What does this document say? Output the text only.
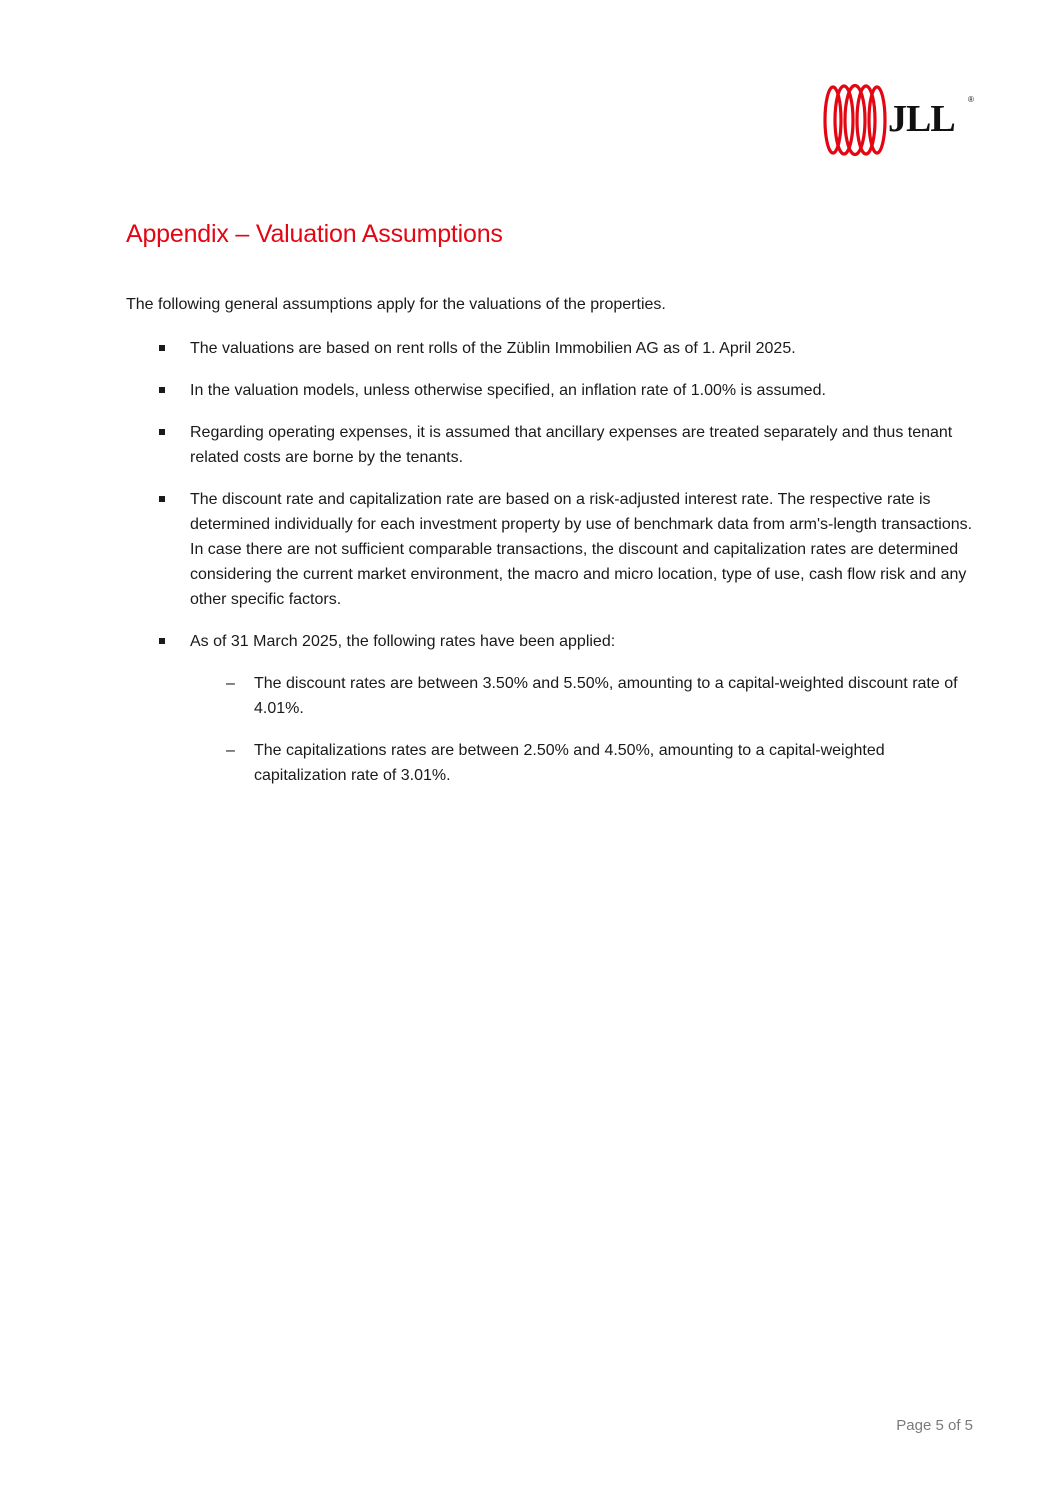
JLL ®
Appendix – Valuation Assumptions

The following general assumptions apply for the valuations of the properties.

The valuations are based on rent rolls of the Züblin Immobilien AG as of 1. April 2025.
In the valuation models, unless otherwise specified, an inflation rate of 1.00% is assumed.
Regarding operating expenses, it is assumed that ancillary expenses are treated separately and thus tenant related costs are borne by the tenants.
The discount rate and capitalization rate are based on a risk-adjusted interest rate. The respective rate is determined individually for each investment property by use of benchmark data from arm's-length transactions. In case there are not sufficient comparable transactions, the discount and capitalization rates are determined considering the current market environment, the macro and micro location, type of use, cash flow risk and any other specific factors.
As of 31 March 2025, the following rates have been applied:
– The discount rates are between 3.50% and 5.50%, amounting to a capital-weighted discount rate of 4.01%.
– The capitalizations rates are between 2.50% and 4.50%, amounting to a capital-weighted capitalization rate of 3.01%.
Page 5 of 5
